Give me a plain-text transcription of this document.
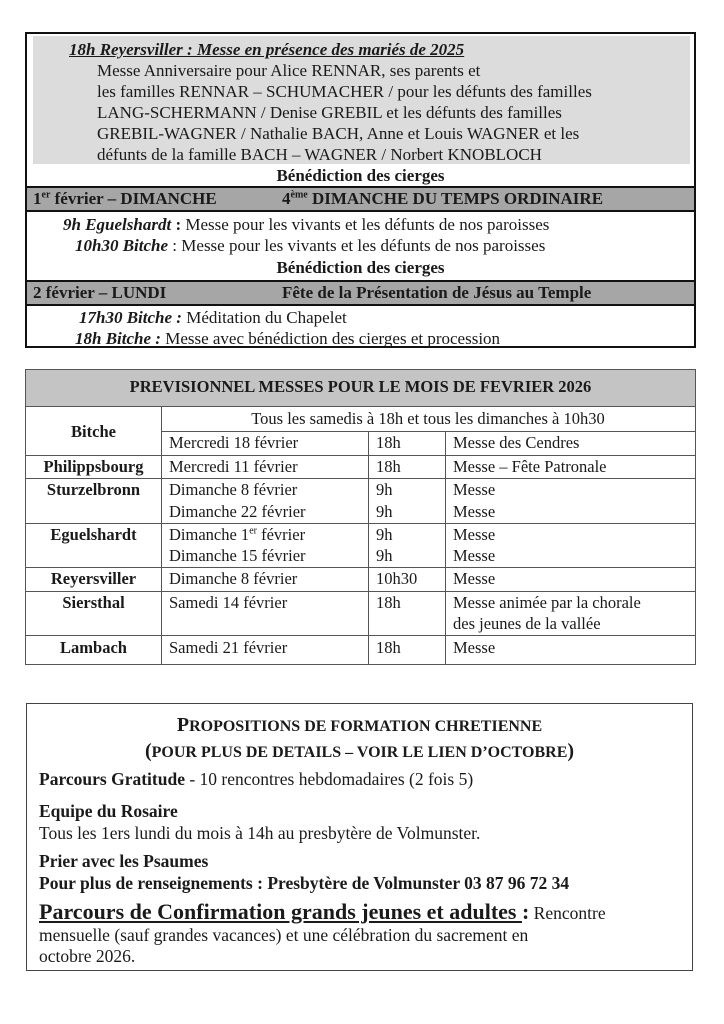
18h Reyersviller : Messe en présence des mariés de 2025
Messe Anniversaire pour Alice RENNAR, ses parents et
les familles RENNAR – SCHUMACHER / pour les défunts des familles
LANG-SCHERMANN / Denise GREBIL et les défunts des familles
GREBIL-WAGNER / Nathalie BACH, Anne et Louis WAGNER et les
défunts de la famille BACH – WAGNER / Norbert KNOBLOCH
Bénédiction des cierges
1er février – DIMANCHE	4ème DIMANCHE DU TEMPS ORDINAIRE
9h Eguelshardt : Messe pour les vivants et les défunts de nos paroisses
10h30 Bitche : Messe pour les vivants et les défunts de nos paroisses
Bénédiction des cierges
2 février – LUNDI	Fête de la Présentation de Jésus au Temple
17h30 Bitche : Méditation du Chapelet
18h Bitche : Messe avec bénédiction des cierges et procession
PREVISIONNEL MESSES POUR LE MOIS DE FEVRIER 2026
Bitche
Tous les samedis à 18h et tous les dimanches à 10h30
Mercredi 18 février	18h	Messe des Cendres
Philippsbourg	Mercredi 11 février	18h	Messe – Fête Patronale
Sturzelbronn	Dimanche 8 février	9h	Messe
Dimanche 22 février	9h	Messe
Eguelshardt	Dimanche 1er février	9h	Messe
Dimanche 15 février	9h	Messe
Reyersviller	Dimanche 8 février	10h30 Messe
Siersthal	Samedi 14 février	18h	Messe animée par la chorale
des jeunes de la vallée
Lambach	Samedi 21 février	18h	Messe
PROPOSITIONS DE FORMATION CHRETIENNE
(POUR PLUS DE DETAILS – VOIR LE LIEN D’OCTOBRE)
Parcours Gratitude - 10 rencontres hebdomadaires (2 fois 5)
Equipe du Rosaire
Tous les 1ers lundi du mois à 14h au presbytère de Volmunster.
Prier avec les Psaumes
Pour plus de renseignements : Presbytère de Volmunster 03 87 96 72 34
Parcours de Confirmation grands jeunes et adultes : Rencontre
mensuelle (sauf grandes vacances) et une célébration du sacrement en
octobre 2026.
